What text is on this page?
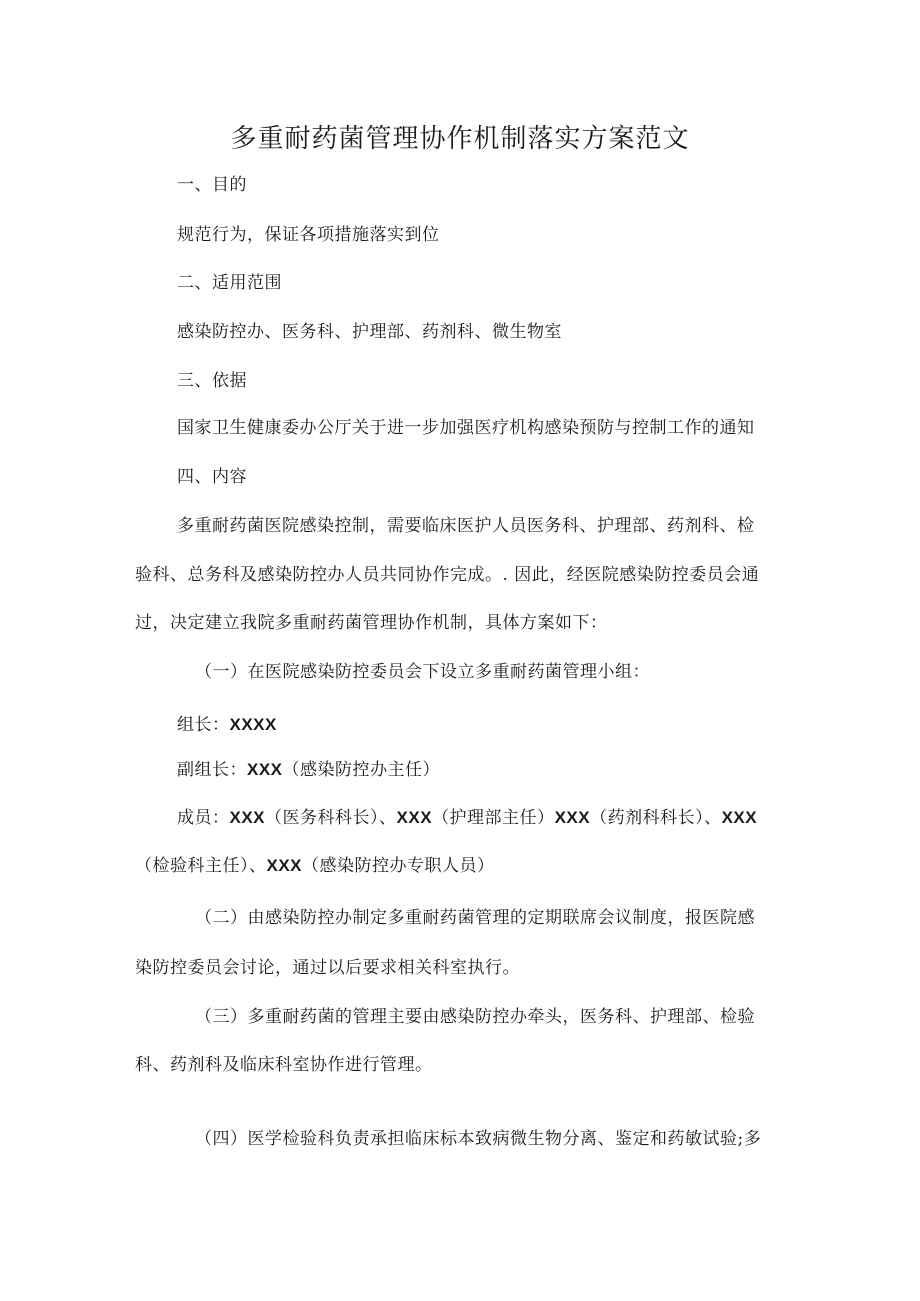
多重耐药菌管理协作机制落实方案范文
一、目的
规范行为，保证各项措施落实到位
二、适用范围
感染防控办、医务科、护理部、药剂科、微生物室
三、依据
国家卫生健康委办公厅关于进一步加强医疗机构感染预防与控制工作的通知
四、内容
多重耐药菌医院感染控制，需要临床医护人员医务科、护理部、药剂科、检
验科、总务科及感染防控办人员共同协作完成。. 因此，经医院感染防控委员会通
过，决定建立我院多重耐药菌管理协作机制，具体方案如下：
（一）在医院感染防控委员会下设立多重耐药菌管理小组：
组长：XXXX
副组长：XXX（感染防控办主任）
成员：XXX（医务科科长）、XXX（护理部主任）XXX（药剂科科长）、XXX
（检验科主任）、XXX（感染防控办专职人员）
（二）由感染防控办制定多重耐药菌管理的定期联席会议制度，报医院感
染防控委员会讨论，通过以后要求相关科室执行。
（三）多重耐药菌的管理主要由感染防控办牵头，医务科、护理部、检验
科、药剂科及临床科室协作进行管理。
（四）医学检验科负责承担临床标本致病微生物分离、鉴定和药敏试验;多
